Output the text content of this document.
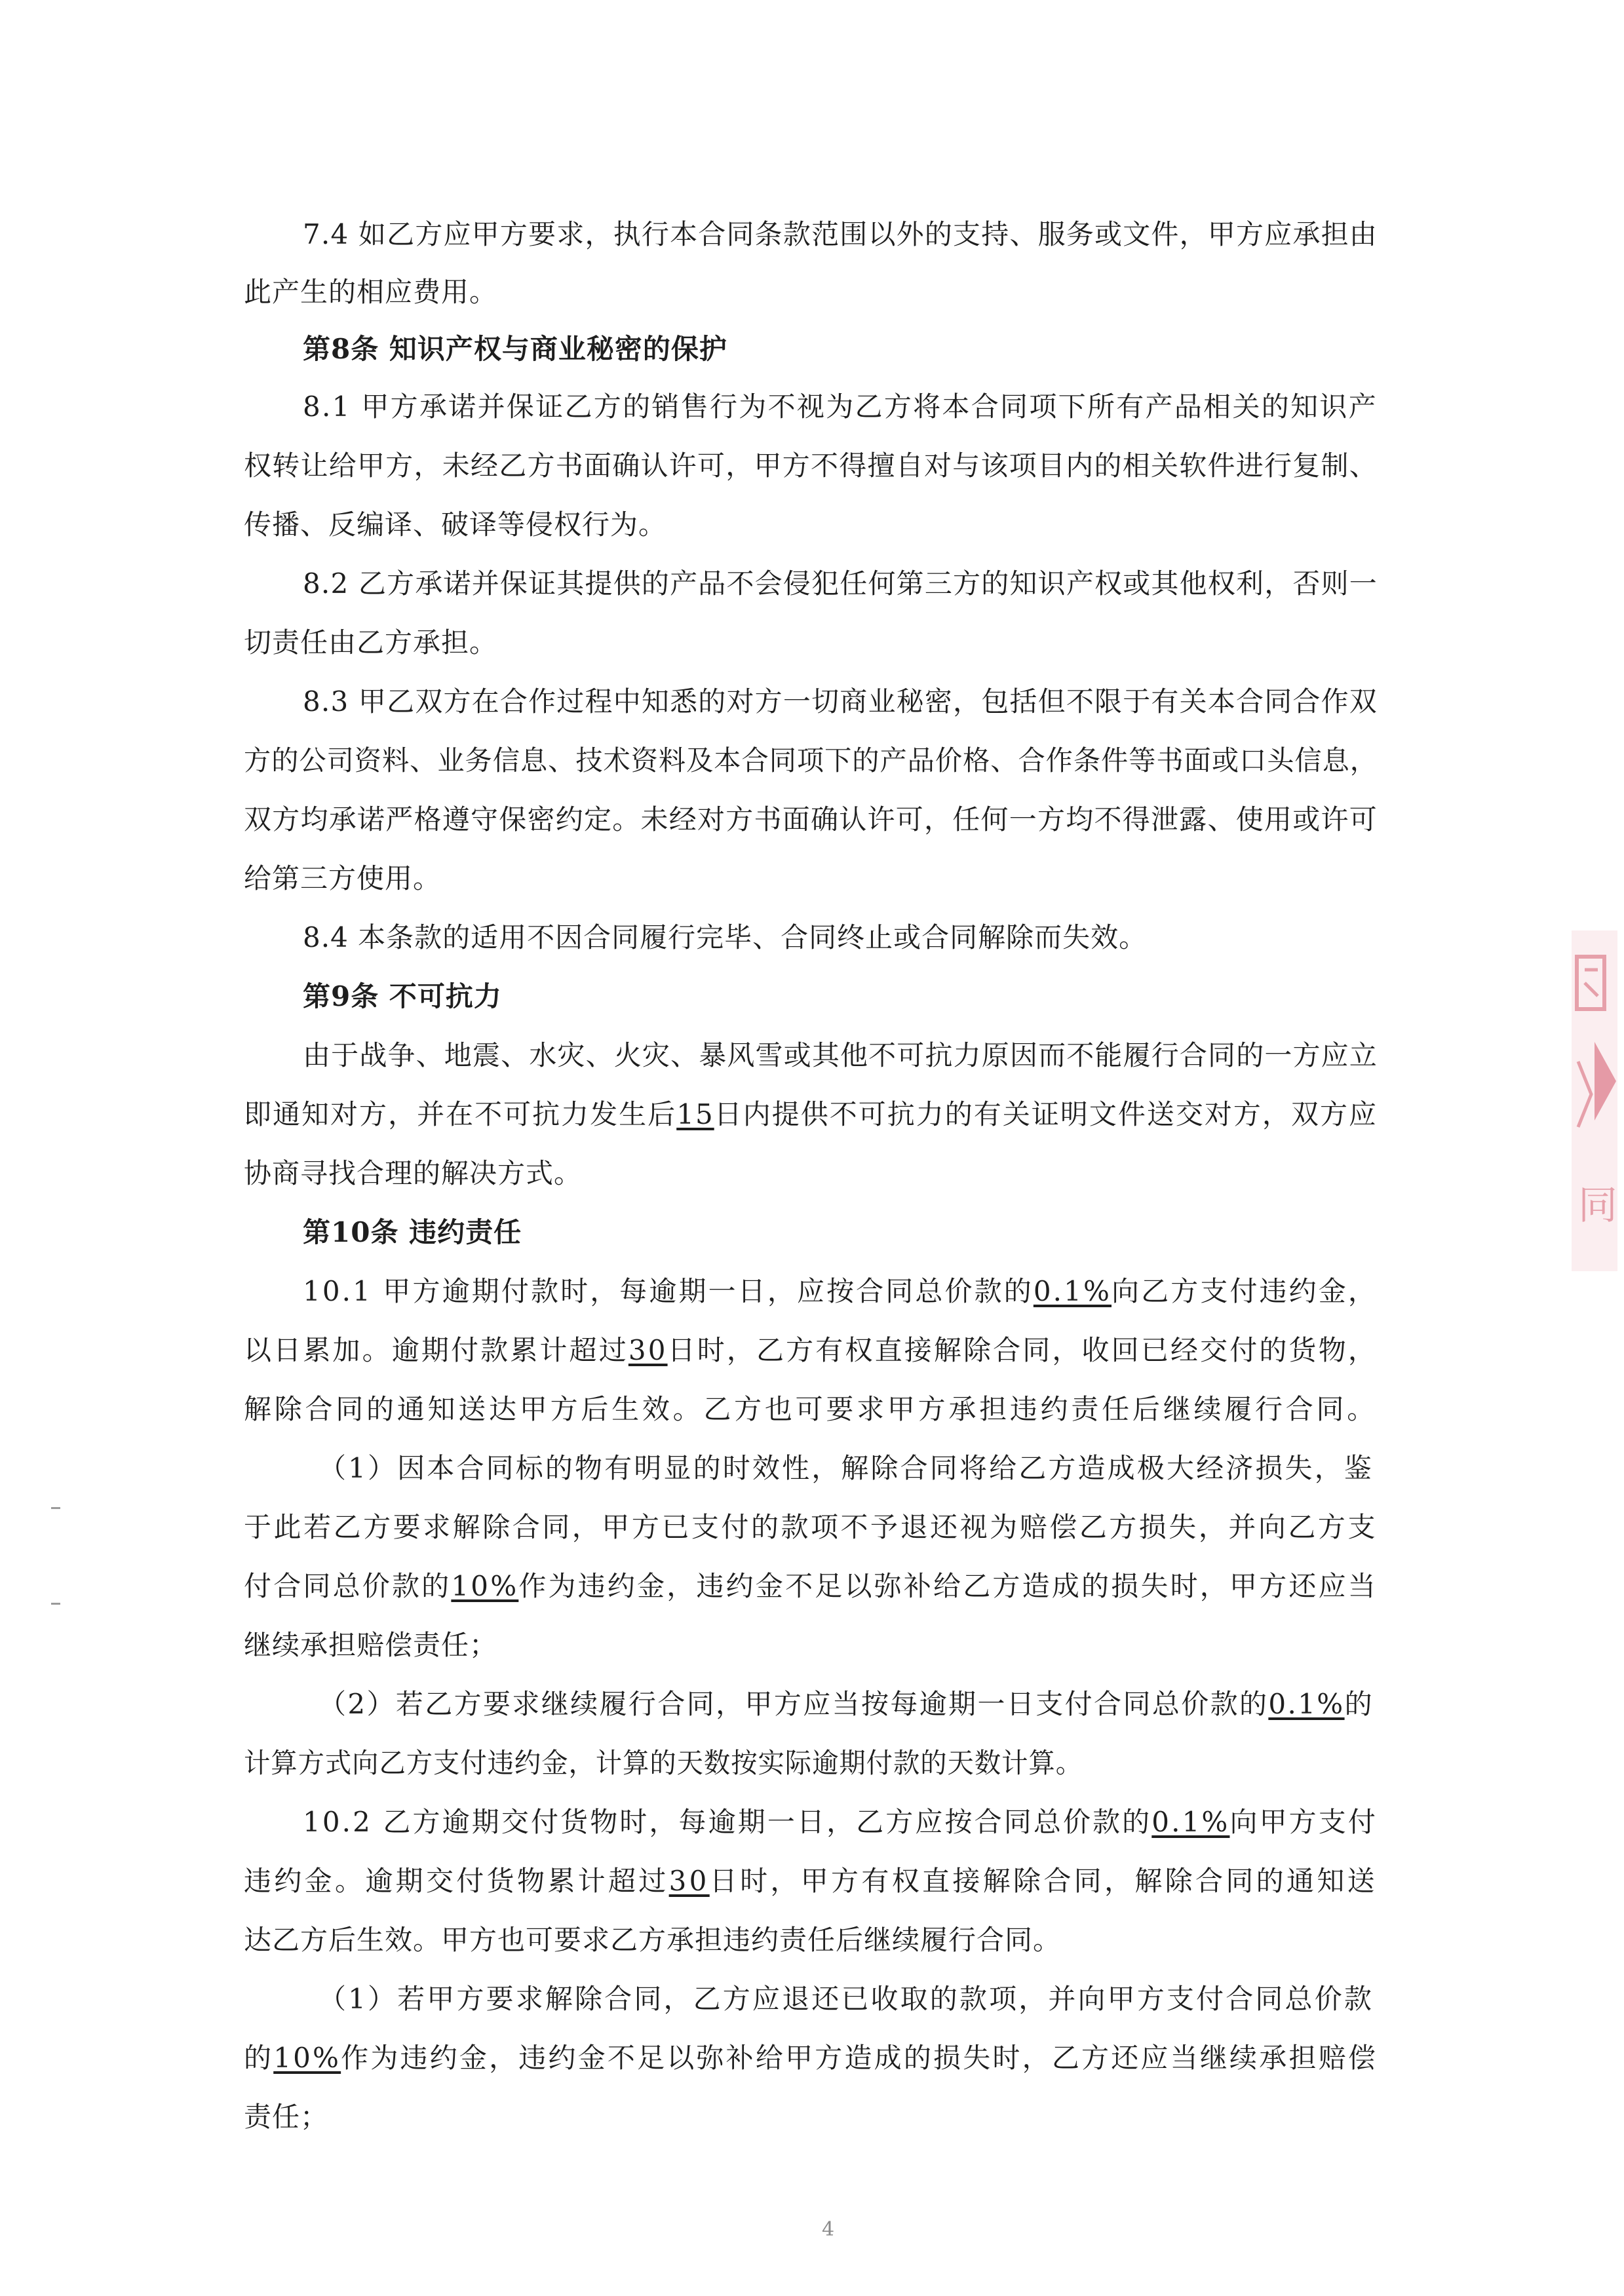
7.4 如乙方应甲方要求，执行本合同条款范围以外的支持、服务或文件，甲方应承担由
此产生的相应费用。
第8条 知识产权与商业秘密的保护
8.1 甲方承诺并保证乙方的销售行为不视为乙方将本合同项下所有产品相关的知识产
权转让给甲方，未经乙方书面确认许可，甲方不得擅自对与该项目内的相关软件进行复制、
传播、反编译、破译等侵权行为。
8.2 乙方承诺并保证其提供的产品不会侵犯任何第三方的知识产权或其他权利，否则一
切责任由乙方承担。
8.3 甲乙双方在合作过程中知悉的对方一切商业秘密，包括但不限于有关本合同合作双
方的公司资料、业务信息、技术资料及本合同项下的产品价格、合作条件等书面或口头信息，
双方均承诺严格遵守保密约定。未经对方书面确认许可，任何一方均不得泄露、使用或许可
给第三方使用。
8.4 本条款的适用不因合同履行完毕、合同终止或合同解除而失效。
第9条 不可抗力
由于战争、地震、水灾、火灾、暴风雪或其他不可抗力原因而不能履行合同的一方应立
即通知对方，并在不可抗力发生后15日内提供不可抗力的有关证明文件送交对方，双方应
协商寻找合理的解决方式。
第10条 违约责任
10.1 甲方逾期付款时，每逾期一日，应按合同总价款的0.1%向乙方支付违约金，
以日累加。逾期付款累计超过30日时，乙方有权直接解除合同，收回已经交付的货物，
解除合同的通知送达甲方后生效。乙方也可要求甲方承担违约责任后继续履行合同。
（1）因本合同标的物有明显的时效性，解除合同将给乙方造成极大经济损失，鉴
于此若乙方要求解除合同，甲方已支付的款项不予退还视为赔偿乙方损失，并向乙方支
付合同总价款的10%作为违约金，违约金不足以弥补给乙方造成的损失时，甲方还应当
继续承担赔偿责任；
（2）若乙方要求继续履行合同，甲方应当按每逾期一日支付合同总价款的0.1%的
计算方式向乙方支付违约金，计算的天数按实际逾期付款的天数计算。
10.2 乙方逾期交付货物时，每逾期一日，乙方应按合同总价款的0.1%向甲方支付
违约金。逾期交付货物累计超过30日时，甲方有权直接解除合同，解除合同的通知送
达乙方后生效。甲方也可要求乙方承担违约责任后继续履行合同。
（1）若甲方要求解除合同，乙方应退还已收取的款项，并向甲方支付合同总价款
的10%作为违约金，违约金不足以弥补给甲方造成的损失时，乙方还应当继续承担赔偿
责任；
同
4
